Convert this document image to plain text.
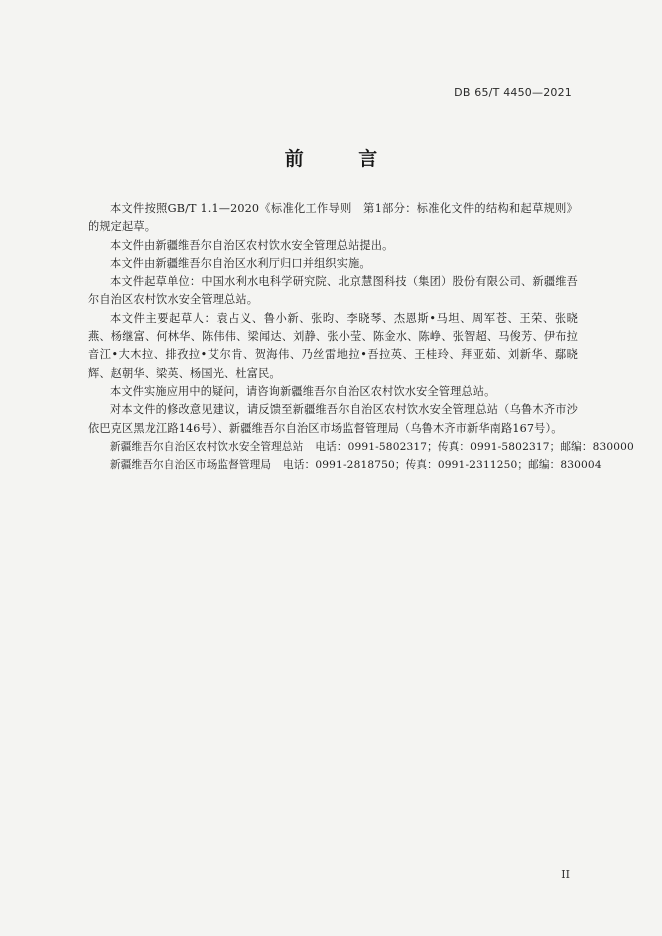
DB 65/T 4450—2021
前 言

本文件按照GB/T 1.1—2020《标准化工作导则　第1部分：标准化文件的结构和起草规则》的规定起草。

本文件由新疆维吾尔自治区农村饮水安全管理总站提出。

本文件由新疆维吾尔自治区水利厅归口并组织实施。

本文件起草单位：中国水利水电科学研究院、北京慧图科技（集团）股份有限公司、新疆维吾尔自治区农村饮水安全管理总站。

本文件主要起草人：袁占义、鲁小新、张昀、李晓琴、杰恩斯•马坦、周军苍、王荣、张晓燕、杨继富、何林华、陈伟伟、梁闻达、刘静、张小莹、陈金水、陈峥、张智超、马俊芳、伊布拉音江•大木拉、排孜拉•艾尔肯、贺海伟、乃丝雷地拉•吾拉英、王桂玲、拜亚茹、刘新华、鄢晓辉、赵朝华、梁英、杨国光、杜富民。

本文件实施应用中的疑问，请咨询新疆维吾尔自治区农村饮水安全管理总站。

对本文件的修改意见建议，请反馈至新疆维吾尔自治区农村饮水安全管理总站（乌鲁木齐市沙依巴克区黑龙江路146号）、新疆维吾尔自治区市场监督管理局（乌鲁木齐市新华南路167号）。

新疆维吾尔自治区农村饮水安全管理总站 电话：0991-5802317；传真：0991-5802317；邮编：830000

新疆维吾尔自治区市场监督管理局 电话：0991-2818750；传真：0991-2311250；邮编：830004

II
